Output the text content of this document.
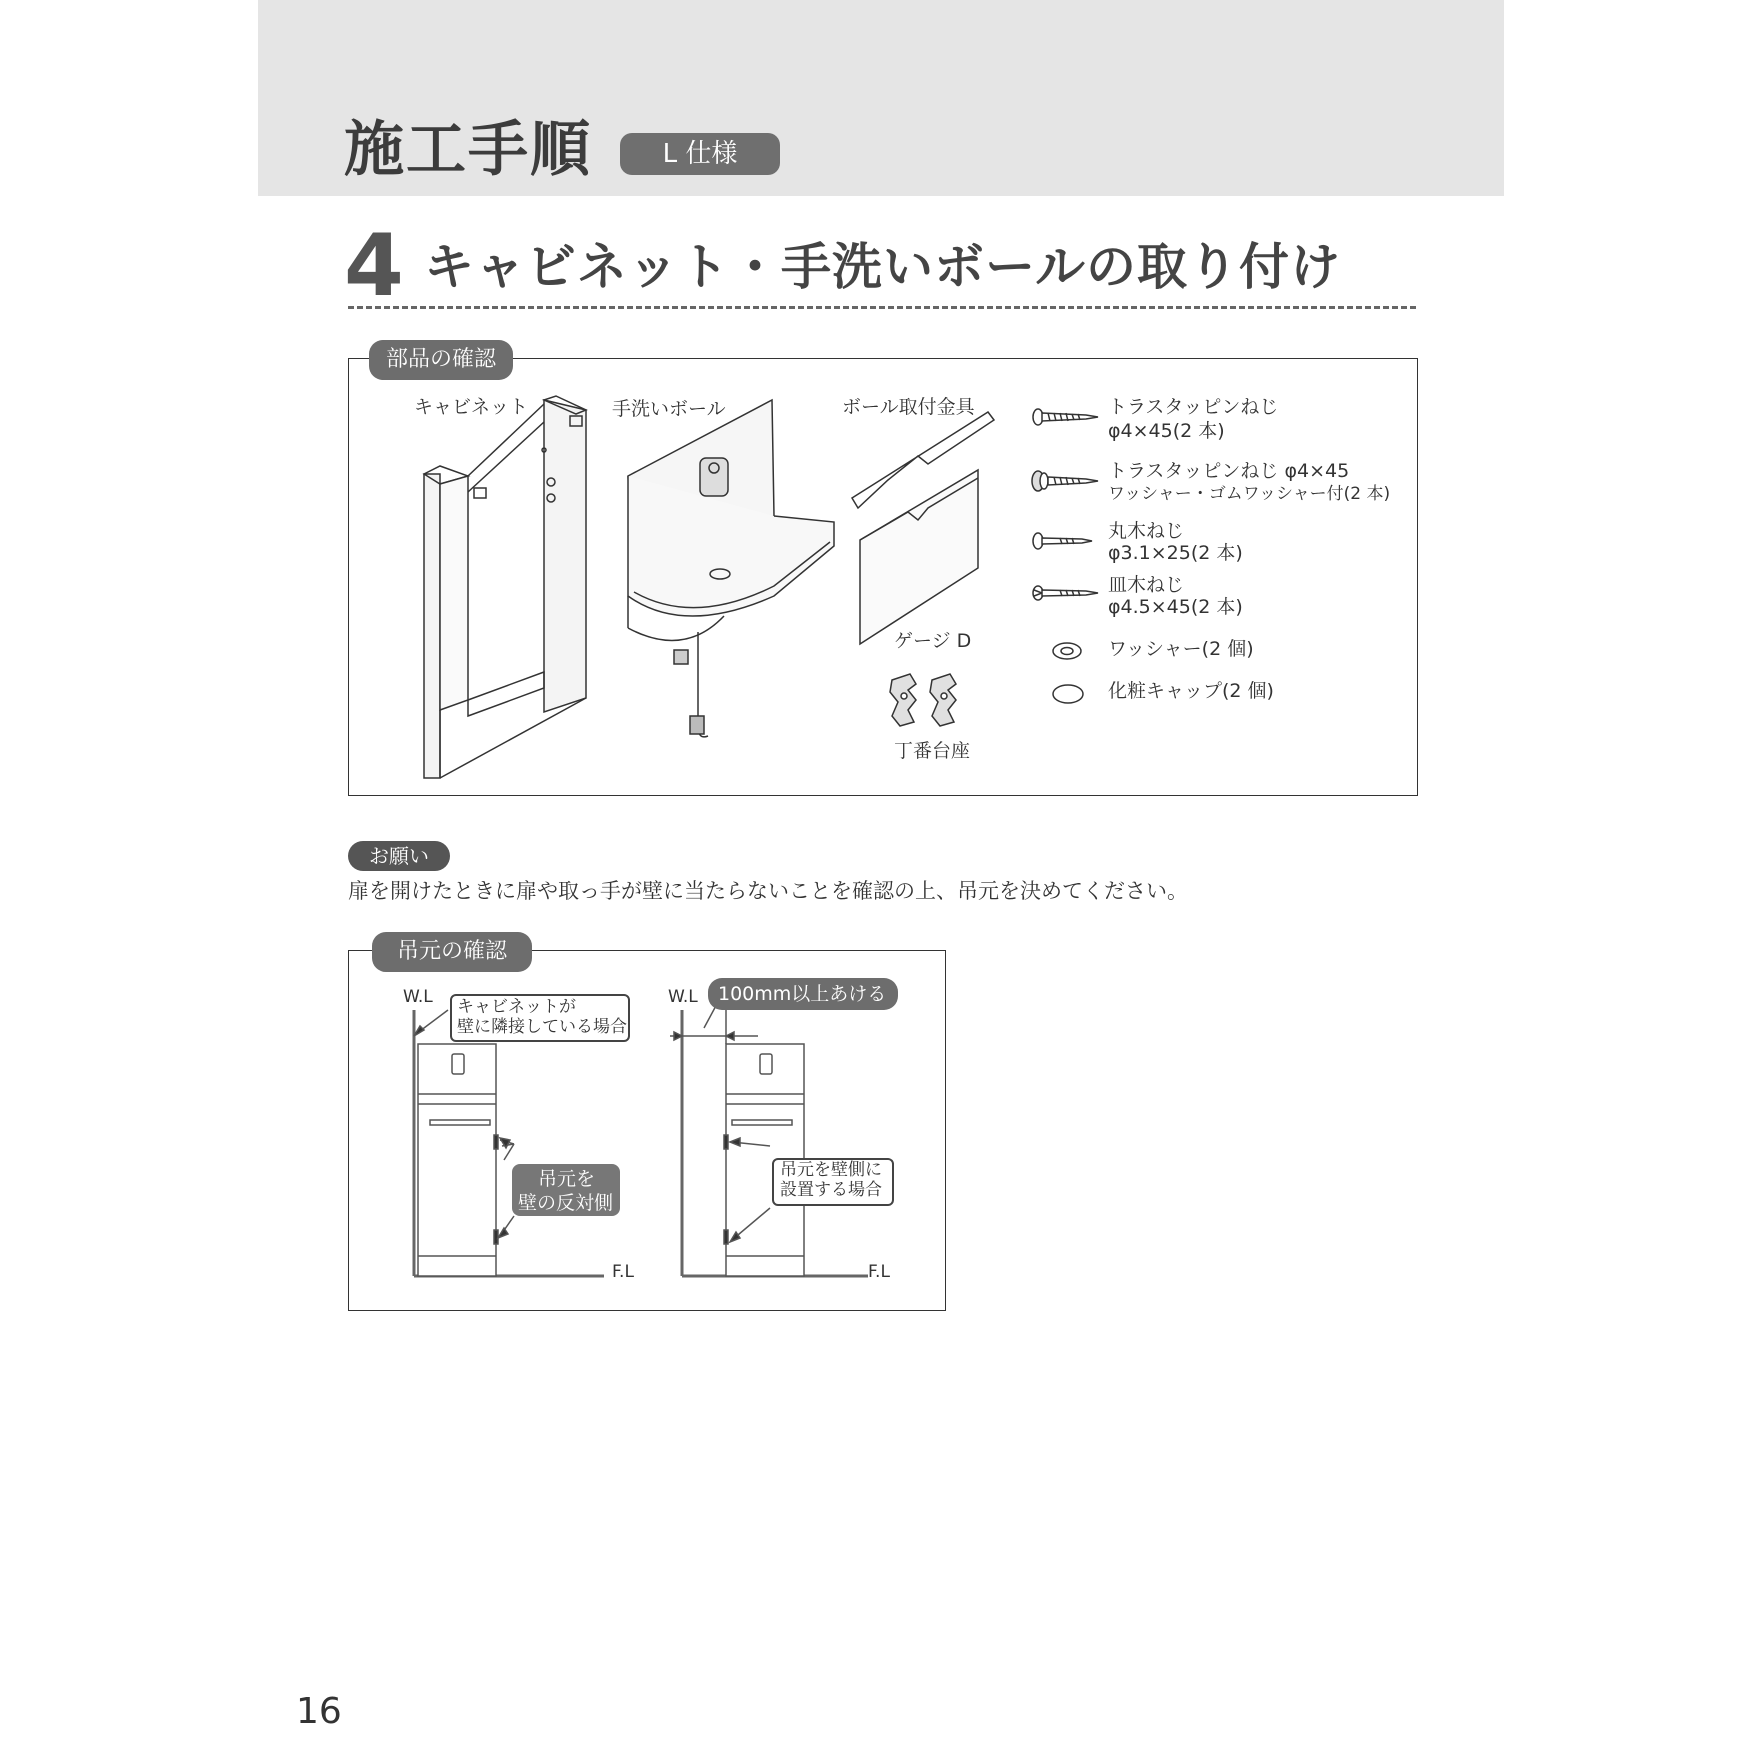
施工手順	L 仕様
4 キャビネット・手洗いボールの取り付け
部品の確認
キャビネット	手洗いボール	ボール取付金具
ゲージ D
丁番台座
トラスタッピンねじ
φ4×45(2 本)
トラスタッピンねじ φ4×45
ワッシャー・ゴムワッシャー付(2 本)
丸木ねじ
φ3.1×25(2 本)
皿木ねじ
φ4.5×45(2 本)
ワッシャー(2 個)
化粧キャップ(2 個)
お願い
扉を開けたときに扉や取っ手が壁に当たらないことを確認の上、吊元を決めてください。
吊元の確認
W.L
F.L
キャビネットが
壁に隣接している場合
吊元を
壁の反対側
W.L
F.L
100mm以上あける
吊元を壁側に
設置する場合
16
